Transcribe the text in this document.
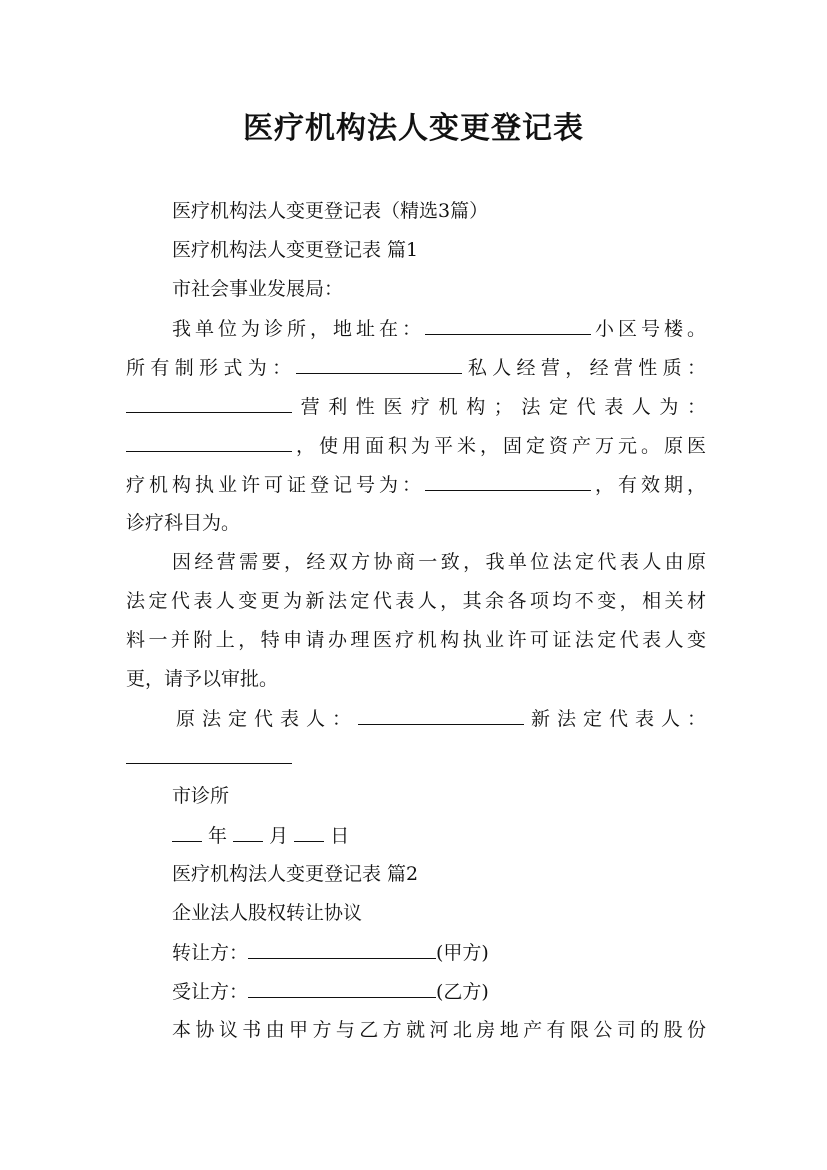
医疗机构法人变更登记表
医疗机构法人变更登记表（精选3篇）
医疗机构法人变更登记表 篇1
市社会事业发展局：
我单位为诊所，地址在：	小区号楼。
所有制形式为：	私人经营，经营性质：
营利性医疗机构；法定代表人为：
，使用面积为平米，固定资产万元。原医
疗机构执业许可证登记号为：	，有效期，
诊疗科目为。
因经营需要，经双方协商一致，我单位法定代表人由原
法定代表人变更为新法定代表人，其余各项均不变，相关材
料一并附上，特申请办理医疗机构执业许可证法定代表人变
更，请予以审批。
原法定代表人：	新法定代表人：
市诊所
年 月 日
医疗机构法人变更登记表 篇2
企业法人股权转让协议
转让方：	(甲方)
受让方：	(乙方)
本协议书由甲方与乙方就河北房地产有限公司的股份
